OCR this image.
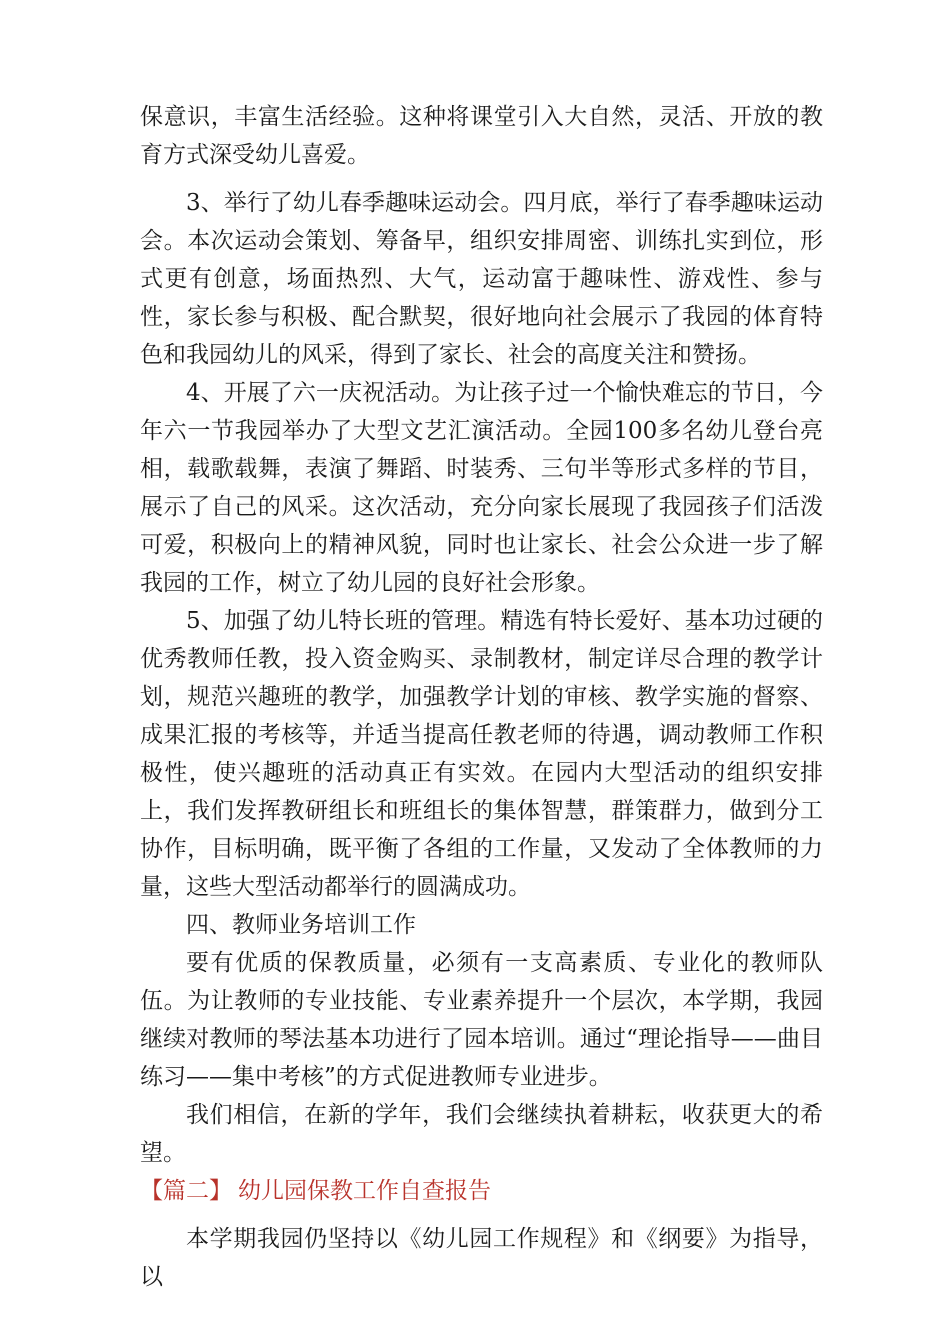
保意识，丰富生活经验。这种将课堂引入大自然，灵活、开放的教育方式深受幼儿喜爱。

3、举行了幼儿春季趣味运动会。四月底，举行了春季趣味运动会。本次运动会策划、筹备早，组织安排周密、训练扎实到位，形式更有创意，场面热烈、大气，运动富于趣味性、游戏性、参与性，家长参与积极、配合默契，很好地向社会展示了我园的体育特色和我园幼儿的风采，得到了家长、社会的高度关注和赞扬。

4、开展了六一庆祝活动。为让孩子过一个愉快难忘的节日，今年六一节我园举办了大型文艺汇演活动。全园100多名幼儿登台亮相，载歌载舞，表演了舞蹈、时装秀、三句半等形式多样的节目，展示了自己的风采。这次活动，充分向家长展现了我园孩子们活泼可爱，积极向上的精神风貌，同时也让家长、社会公众进一步了解我园的工作，树立了幼儿园的良好社会形象。

5、加强了幼儿特长班的管理。精选有特长爱好、基本功过硬的优秀教师任教，投入资金购买、录制教材，制定详尽合理的教学计划，规范兴趣班的教学，加强教学计划的审核、教学实施的督察、成果汇报的考核等，并适当提高任教老师的待遇，调动教师工作积极性，使兴趣班的活动真正有实效。在园内大型活动的组织安排上，我们发挥教研组长和班组长的集体智慧，群策群力，做到分工协作，目标明确，既平衡了各组的工作量，又发动了全体教师的力量，这些大型活动都举行的圆满成功。

四、教师业务培训工作

要有优质的保教质量，必须有一支高素质、专业化的教师队伍。为让教师的专业技能、专业素养提升一个层次，本学期，我园继续对教师的琴法基本功进行了园本培训。通过“理论指导——曲目练习——集中考核”的方式促进教师专业进步。

我们相信，在新的学年，我们会继续执着耕耘，收获更大的希望。

【篇二】 幼儿园保教工作自查报告

本学期我园仍坚持以《幼儿园工作规程》和《纲要》为指导，以
